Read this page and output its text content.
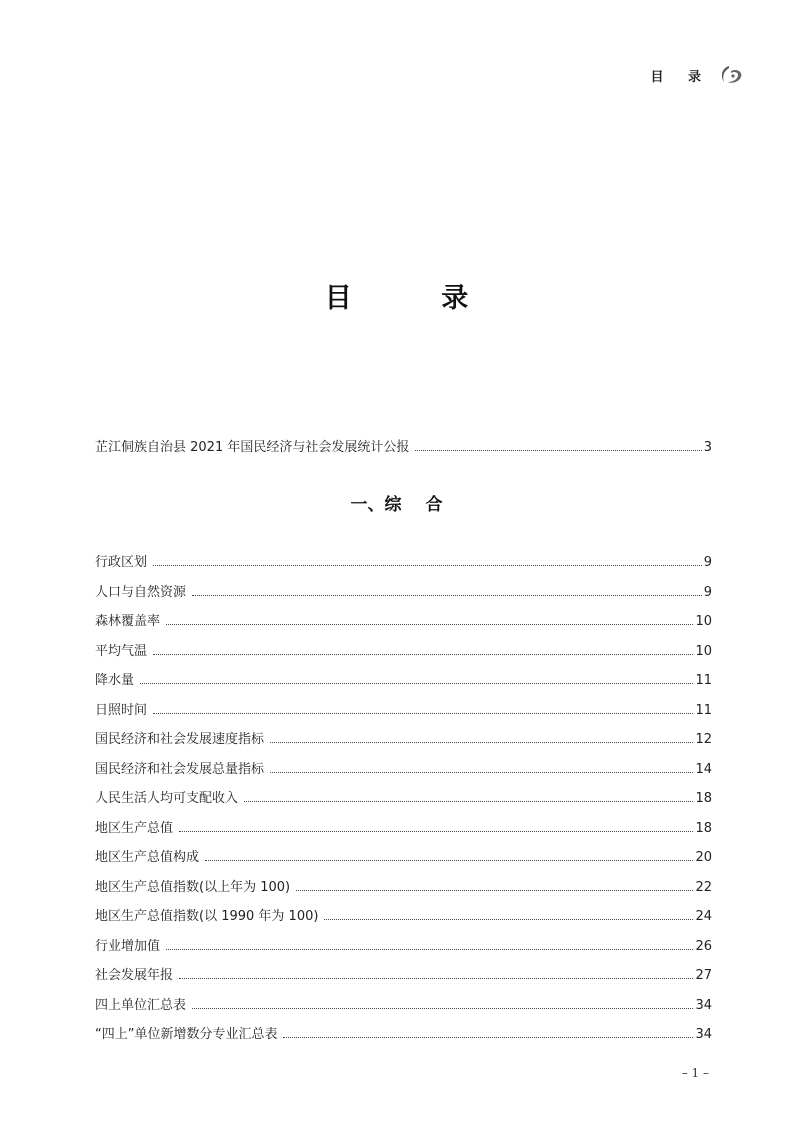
目 录
目 录
芷江侗族自治县 2021 年国民经济与社会发展统计公报	3
一、综 合
行政区划	9
人口与自然资源	9
森林覆盖率	10
平均气温	10
降水量	11
日照时间	11
国民经济和社会发展速度指标	12
国民经济和社会发展总量指标	14
人民生活人均可支配收入	18
地区生产总值	18
地区生产总值构成	20
地区生产总值指数(以上年为 100)	22
地区生产总值指数(以 1990 年为 100)	24
行业增加值	26
社会发展年报	27
四上单位汇总表	34
“四上”单位新增数分专业汇总表	34
– 1 –
